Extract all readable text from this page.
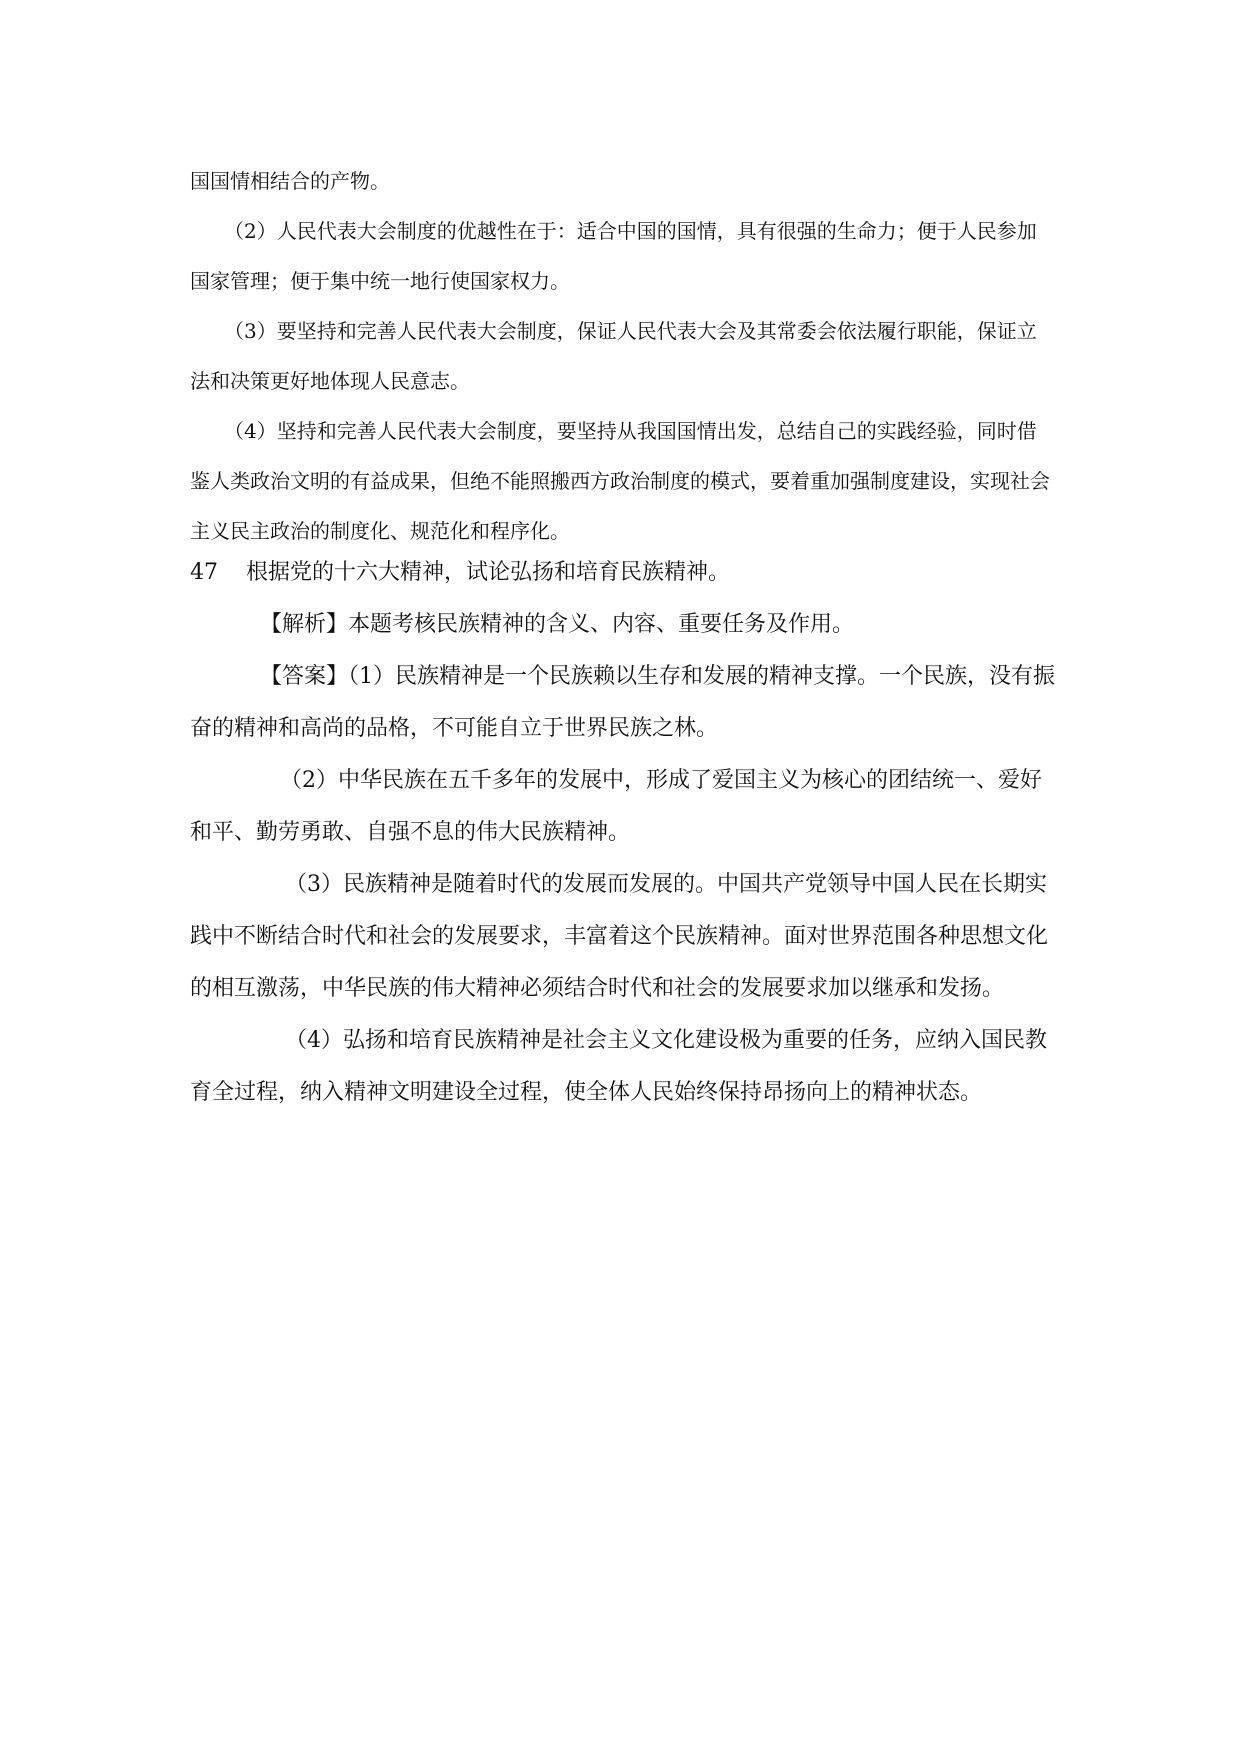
国国情相结合的产物。

（2）人民代表大会制度的优越性在于：适合中国的国情，具有很强的生命力；便于人民参加国家管理；便于集中统一地行使国家权力。

（3）要坚持和完善人民代表大会制度，保证人民代表大会及其常委会依法履行职能，保证立法和决策更好地体现人民意志。

（4）坚持和完善人民代表大会制度，要坚持从我国国情出发，总结自己的实践经验，同时借鉴人类政治文明的有益成果，但绝不能照搬西方政治制度的模式，要着重加强制度建设，实现社会主义民主政治的制度化、规范化和程序化。

47 根据党的十六大精神，试论弘扬和培育民族精神。

【解析】本题考核民族精神的含义、内容、重要任务及作用。

【答案】（1）民族精神是一个民族赖以生存和发展的精神支撑。一个民族，没有振奋的精神和高尚的品格，不可能自立于世界民族之林。

（2）中华民族在五千多年的发展中，形成了爱国主义为核心的团结统一、爱好和平、勤劳勇敢、自强不息的伟大民族精神。

（3）民族精神是随着时代的发展而发展的。中国共产党领导中国人民在长期实践中不断结合时代和社会的发展要求，丰富着这个民族精神。面对世界范围各种思想文化的相互激荡，中华民族的伟大精神必须结合时代和社会的发展要求加以继承和发扬。

（4）弘扬和培育民族精神是社会主义文化建设极为重要的任务，应纳入国民教育全过程，纳入精神文明建设全过程，使全体人民始终保持昂扬向上的精神状态。
